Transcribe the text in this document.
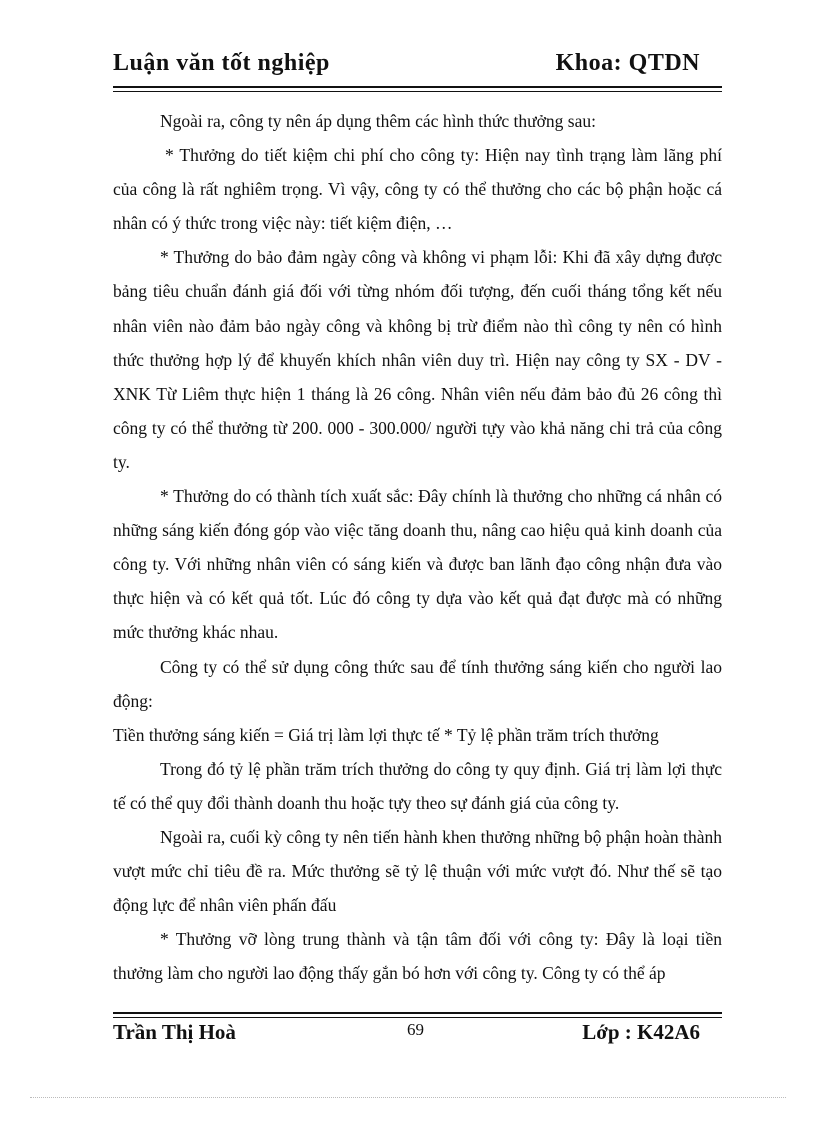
Luận văn tốt nghiệp	Khoa: QTDN

Ngoài ra, công ty nên áp dụng thêm các hình thức thưởng sau:

* Thưởng do tiết kiệm chi phí cho công ty: Hiện nay tình trạng làm lãng phí của công là rất nghiêm trọng. Vì vậy, công ty có thể thưởng cho các bộ phận hoặc cá nhân có ý thức trong việc này: tiết kiệm điện, …

* Thưởng do bảo đảm ngày công và không vi phạm lỗi: Khi đã xây dựng được bảng tiêu chuẩn đánh giá đối với từng nhóm đối tượng, đến cuối tháng tổng kết nếu nhân viên nào đảm bảo ngày công và không bị trừ điểm nào thì công ty nên có hình thức thưởng hợp lý để khuyến khích nhân viên duy trì. Hiện nay công ty SX - DV - XNK Từ Liêm thực hiện 1 tháng là 26 công. Nhân viên nếu đảm bảo đủ 26 công thì công ty có thể thưởng từ 200. 000 - 300.000/ người tựy vào khả năng chi trả của công ty.

* Thưởng do có thành tích xuất sắc: Đây chính là thưởng cho những cá nhân có những sáng kiến đóng góp vào việc tăng doanh thu, nâng cao hiệu quả kinh doanh của công ty. Với những nhân viên có sáng kiến và được ban lãnh đạo công nhận đưa vào thực hiện và có kết quả tốt. Lúc đó công ty dựa vào kết quả đạt được mà có những mức thưởng khác nhau.

Công ty có thể sử dụng công thức sau để tính thưởng sáng kiến cho người lao động:

Tiền thưởng sáng kiến = Giá trị làm lợi thực tế * Tỷ lệ phần trăm trích thưởng

Trong đó tỷ lệ phần trăm trích thưởng do công ty quy định. Giá trị làm lợi thực tế có thể quy đổi thành doanh thu hoặc tựy theo sự đánh giá của công ty.

Ngoài ra, cuối kỳ công ty nên tiến hành khen thưởng những bộ phận hoàn thành vượt mức chỉ tiêu đề ra. Mức thưởng sẽ tỷ lệ thuận với mức vượt đó. Như thế sẽ tạo động lực để nhân viên phấn đấu

* Thưởng vỡ lòng trung thành và tận tâm đối với công ty: Đây là loại tiền thưởng làm cho người lao động thấy gắn bó hơn với công ty. Công ty có thể áp

Trần Thị Hoà	69	Lớp : K42A6
